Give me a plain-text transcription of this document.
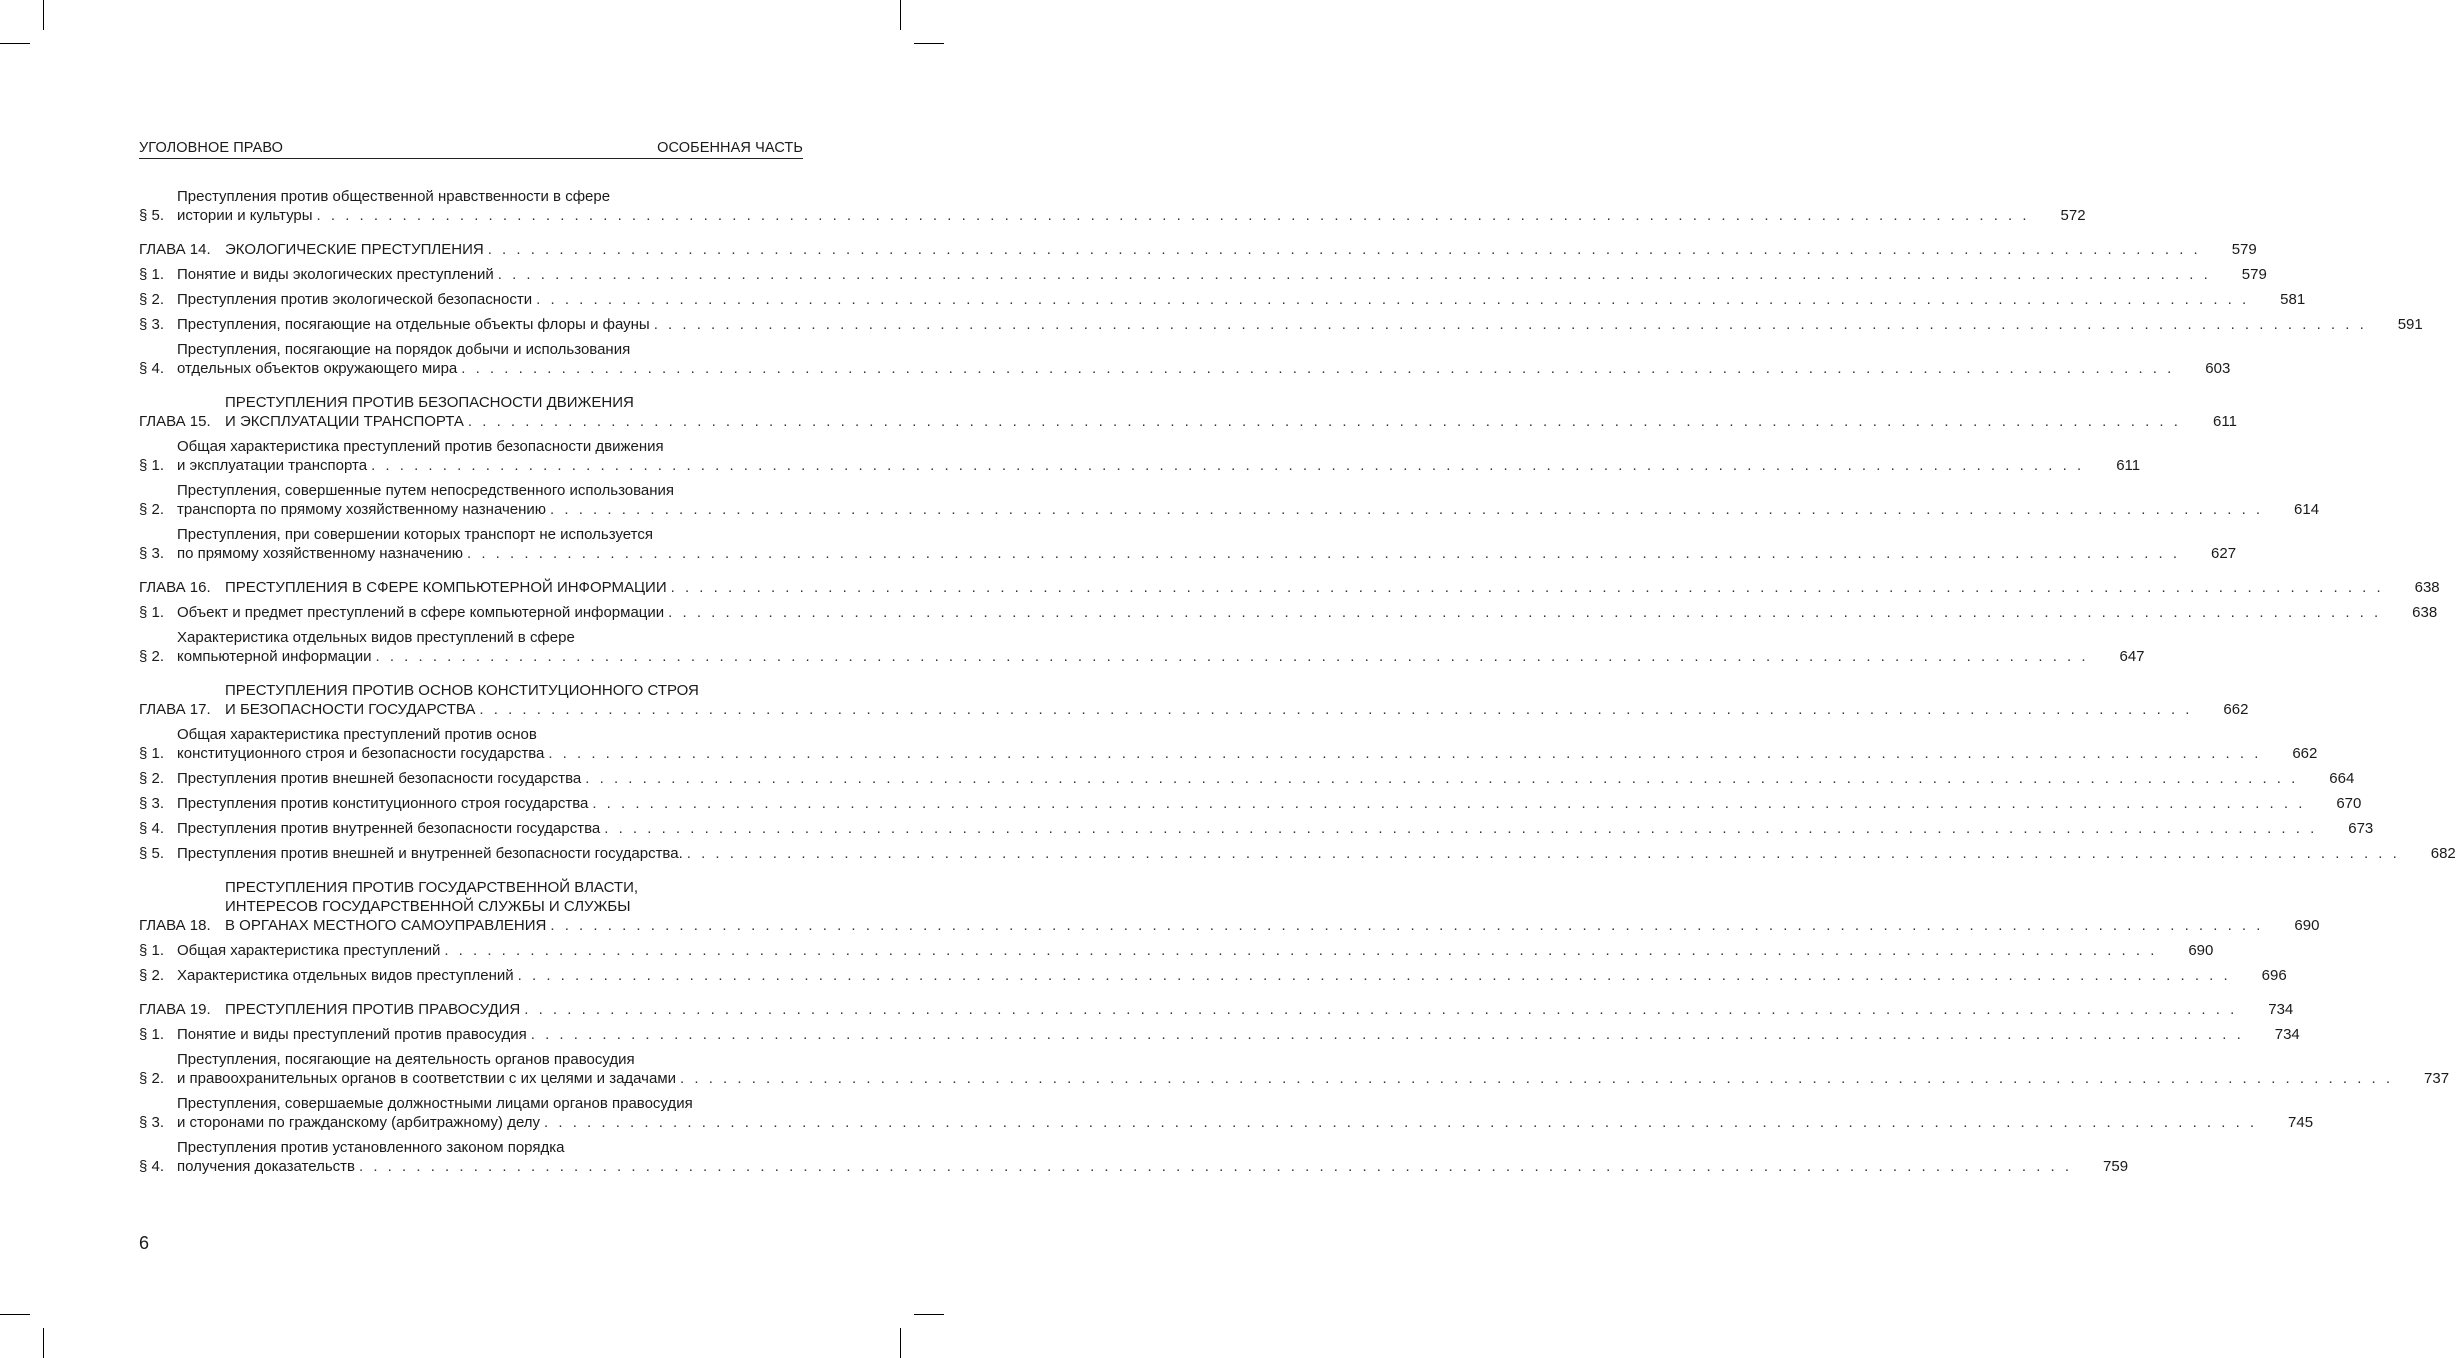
УГОЛОВНОЕ ПРАВО	ОСОБЕННАЯ ЧАСТЬ
§ 5.
Преступления против общественной нравственности в сфере
истории и культуры . . . . . . . . . . . . . . . . . . . . . . . . . . . . . . . . . . . . . . . . . . . . . . . . . . . . . . . . . . . . . . . . . . . . . . . . . . . . . . . . . . . . . . . . . . . . . . . . . . . . . . . . . . . . . . . . . . . . . . . .	572
ГЛАВА 14. ЭКОЛОГИЧЕСКИЕ ПРЕСТУПЛЕНИЯ . . . . . . . . . . . . . . . . . . . . . . . . . . . . . . . . . . . . . . . . . . . . . . . . . . . . . . . . . . . . . . . . . . . . . . . . . . . . . . . . . . . . . . . . . . . . . . . . . . . . . . . . . . . . . . . . . . . . . . . .	579
§ 1. Понятие и виды экологических преступлений . . . . . . . . . . . . . . . . . . . . . . . . . . . . . . . . . . . . . . . . . . . . . . . . . . . . . . . . . . . . . . . . . . . . . . . . . . . . . . . . . . . . . . . . . . . . . . . . . . . . . . . . . . . . . . . . . . . . . . . .	579
§ 2. Преступления против экологической безопасности . . . . . . . . . . . . . . . . . . . . . . . . . . . . . . . . . . . . . . . . . . . . . . . . . . . . . . . . . . . . . . . . . . . . . . . . . . . . . . . . . . . . . . . . . . . . . . . . . . . . . . . . . . . . . . . . . . . . . . . .	581
§ 3. Преступления, посягающие на отдельные объекты флоры и фауны . . . . . . . . . . . . . . . . . . . . . . . . . . . . . . . . . . . . . . . . . . . . . . . . . . . . . . . . . . . . . . . . . . . . . . . . . . . . . . . . . . . . . . . . . . . . . . . . . . . . . . . . . . . . . . . . . . . . . . . .	591
§ 4.
Преступления, посягающие на порядок добычи и использования
отдельных объектов окружающего мира . . . . . . . . . . . . . . . . . . . . . . . . . . . . . . . . . . . . . . . . . . . . . . . . . . . . . . . . . . . . . . . . . . . . . . . . . . . . . . . . . . . . . . . . . . . . . . . . . . . . . . . . . . . . . . . . . . . . . . . .	603
ГЛАВА 15.
ПРЕСТУПЛЕНИЯ ПРОТИВ БЕЗОПАСНОСТИ ДВИЖЕНИЯ
И ЭКСПЛУАТАЦИИ ТРАНСПОРТА . . . . . . . . . . . . . . . . . . . . . . . . . . . . . . . . . . . . . . . . . . . . . . . . . . . . . . . . . . . . . . . . . . . . . . . . . . . . . . . . . . . . . . . . . . . . . . . . . . . . . . . . . . . . . . . . . . . . . . . .	611
§ 1.
Общая характеристика преступлений против безопасности движения
и эксплуатации транспорта . . . . . . . . . . . . . . . . . . . . . . . . . . . . . . . . . . . . . . . . . . . . . . . . . . . . . . . . . . . . . . . . . . . . . . . . . . . . . . . . . . . . . . . . . . . . . . . . . . . . . . . . . . . . . . . . . . . . . . . .	611
§ 2.
Преступления, совершенные путем непосредственного использования
транспорта по прямому хозяйственному назначению . . . . . . . . . . . . . . . . . . . . . . . . . . . . . . . . . . . . . . . . . . . . . . . . . . . . . . . . . . . . . . . . . . . . . . . . . . . . . . . . . . . . . . . . . . . . . . . . . . . . . . . . . . . . . . . . . . . . . . . .	614
§ 3.
Преступления, при совершении которых транспорт не используется
по прямому хозяйственному назначению . . . . . . . . . . . . . . . . . . . . . . . . . . . . . . . . . . . . . . . . . . . . . . . . . . . . . . . . . . . . . . . . . . . . . . . . . . . . . . . . . . . . . . . . . . . . . . . . . . . . . . . . . . . . . . . . . . . . . . . .	627
ГЛАВА 16. ПРЕСТУПЛЕНИЯ В СФЕРЕ КОМПЬЮТЕРНОЙ ИНФОРМАЦИИ . . . . . . . . . . . . . . . . . . . . . . . . . . . . . . . . . . . . . . . . . . . . . . . . . . . . . . . . . . . . . . . . . . . . . . . . . . . . . . . . . . . . . . . . . . . . . . . . . . . . . . . . . . . . . . . . . . . . . . . .	638
§ 1. Объект и предмет преступлений в сфере компьютерной информации . . . . . . . . . . . . . . . . . . . . . . . . . . . . . . . . . . . . . . . . . . . . . . . . . . . . . . . . . . . . . . . . . . . . . . . . . . . . . . . . . . . . . . . . . . . . . . . . . . . . . . . . . . . . . . . . . . . . . . . .	638
§ 2.
Характеристика отдельных видов преступлений в сфере
компьютерной информации . . . . . . . . . . . . . . . . . . . . . . . . . . . . . . . . . . . . . . . . . . . . . . . . . . . . . . . . . . . . . . . . . . . . . . . . . . . . . . . . . . . . . . . . . . . . . . . . . . . . . . . . . . . . . . . . . . . . . . . .	647
ГЛАВА 17.
ПРЕСТУПЛЕНИЯ ПРОТИВ ОСНОВ КОНСТИТУЦИОННОГО СТРОЯ
И БЕЗОПАСНОСТИ ГОСУДАРСТВА . . . . . . . . . . . . . . . . . . . . . . . . . . . . . . . . . . . . . . . . . . . . . . . . . . . . . . . . . . . . . . . . . . . . . . . . . . . . . . . . . . . . . . . . . . . . . . . . . . . . . . . . . . . . . . . . . . . . . . . .	662
§ 1.
Общая характеристика преступлений против основ
конституционного строя и безопасности государства . . . . . . . . . . . . . . . . . . . . . . . . . . . . . . . . . . . . . . . . . . . . . . . . . . . . . . . . . . . . . . . . . . . . . . . . . . . . . . . . . . . . . . . . . . . . . . . . . . . . . . . . . . . . . . . . . . . . . . . .	662
§ 2. Преступления против внешней безопасности государства . . . . . . . . . . . . . . . . . . . . . . . . . . . . . . . . . . . . . . . . . . . . . . . . . . . . . . . . . . . . . . . . . . . . . . . . . . . . . . . . . . . . . . . . . . . . . . . . . . . . . . . . . . . . . . . . . . . . . . . .	664
§ 3. Преступления против конституционного строя государства . . . . . . . . . . . . . . . . . . . . . . . . . . . . . . . . . . . . . . . . . . . . . . . . . . . . . . . . . . . . . . . . . . . . . . . . . . . . . . . . . . . . . . . . . . . . . . . . . . . . . . . . . . . . . . . . . . . . . . . .	670
§ 4. Преступления против внутренней безопасности государства . . . . . . . . . . . . . . . . . . . . . . . . . . . . . . . . . . . . . . . . . . . . . . . . . . . . . . . . . . . . . . . . . . . . . . . . . . . . . . . . . . . . . . . . . . . . . . . . . . . . . . . . . . . . . . . . . . . . . . . .	673
§ 5. Преступления против внешней и внутренней безопасности государства. . . . . . . . . . . . . . . . . . . . . . . . . . . . . . . . . . . . . . . . . . . . . . . . . . . . . . . . . . . . . . . . . . . . . . . . . . . . . . . . . . . . . . . . . . . . . . . . . . . . . . . . . . . . . . . . . . . . . . . . .	682
ГЛАВА 18.
ПРЕСТУПЛЕНИЯ ПРОТИВ ГОСУДАРСТВЕННОЙ ВЛАСТИ,
ИНТЕРЕСОВ ГОСУДАРСТВЕННОЙ СЛУЖБЫ И СЛУЖБЫ
В ОРГАНАХ МЕСТНОГО САМОУПРАВЛЕНИЯ . . . . . . . . . . . . . . . . . . . . . . . . . . . . . . . . . . . . . . . . . . . . . . . . . . . . . . . . . . . . . . . . . . . . . . . . . . . . . . . . . . . . . . . . . . . . . . . . . . . . . . . . . . . . . . . . . . . . . . . .	690
§ 1. Общая характеристика преступлений . . . . . . . . . . . . . . . . . . . . . . . . . . . . . . . . . . . . . . . . . . . . . . . . . . . . . . . . . . . . . . . . . . . . . . . . . . . . . . . . . . . . . . . . . . . . . . . . . . . . . . . . . . . . . . . . . . . . . . . .	690
§ 2. Характеристика отдельных видов преступлений . . . . . . . . . . . . . . . . . . . . . . . . . . . . . . . . . . . . . . . . . . . . . . . . . . . . . . . . . . . . . . . . . . . . . . . . . . . . . . . . . . . . . . . . . . . . . . . . . . . . . . . . . . . . . . . . . . . . . . . .	696
ГЛАВА 19. ПРЕСТУПЛЕНИЯ ПРОТИВ ПРАВОСУДИЯ . . . . . . . . . . . . . . . . . . . . . . . . . . . . . . . . . . . . . . . . . . . . . . . . . . . . . . . . . . . . . . . . . . . . . . . . . . . . . . . . . . . . . . . . . . . . . . . . . . . . . . . . . . . . . . . . . . . . . . . .	734
§ 1. Понятие и виды преступлений против правосудия . . . . . . . . . . . . . . . . . . . . . . . . . . . . . . . . . . . . . . . . . . . . . . . . . . . . . . . . . . . . . . . . . . . . . . . . . . . . . . . . . . . . . . . . . . . . . . . . . . . . . . . . . . . . . . . . . . . . . . . .	734
§ 2.
Преступления, посягающие на деятельность органов правосудия
и правоохранительных органов в соответствии с их целями и задачами . . . . . . . . . . . . . . . . . . . . . . . . . . . . . . . . . . . . . . . . . . . . . . . . . . . . . . . . . . . . . . . . . . . . . . . . . . . . . . . . . . . . . . . . . . . . . . . . . . . . . . . . . . . . . . . . . . . . . . . .	737
§ 3.
Преступления, совершаемые должностными лицами органов правосудия
и сторонами по гражданскому (арбитражному) делу . . . . . . . . . . . . . . . . . . . . . . . . . . . . . . . . . . . . . . . . . . . . . . . . . . . . . . . . . . . . . . . . . . . . . . . . . . . . . . . . . . . . . . . . . . . . . . . . . . . . . . . . . . . . . . . . . . . . . . . .	745
§ 4.
Преступления против установленного законом порядка
получения доказательств . . . . . . . . . . . . . . . . . . . . . . . . . . . . . . . . . . . . . . . . . . . . . . . . . . . . . . . . . . . . . . . . . . . . . . . . . . . . . . . . . . . . . . . . . . . . . . . . . . . . . . . . . . . . . . . . . . . . . . . .	759
6
